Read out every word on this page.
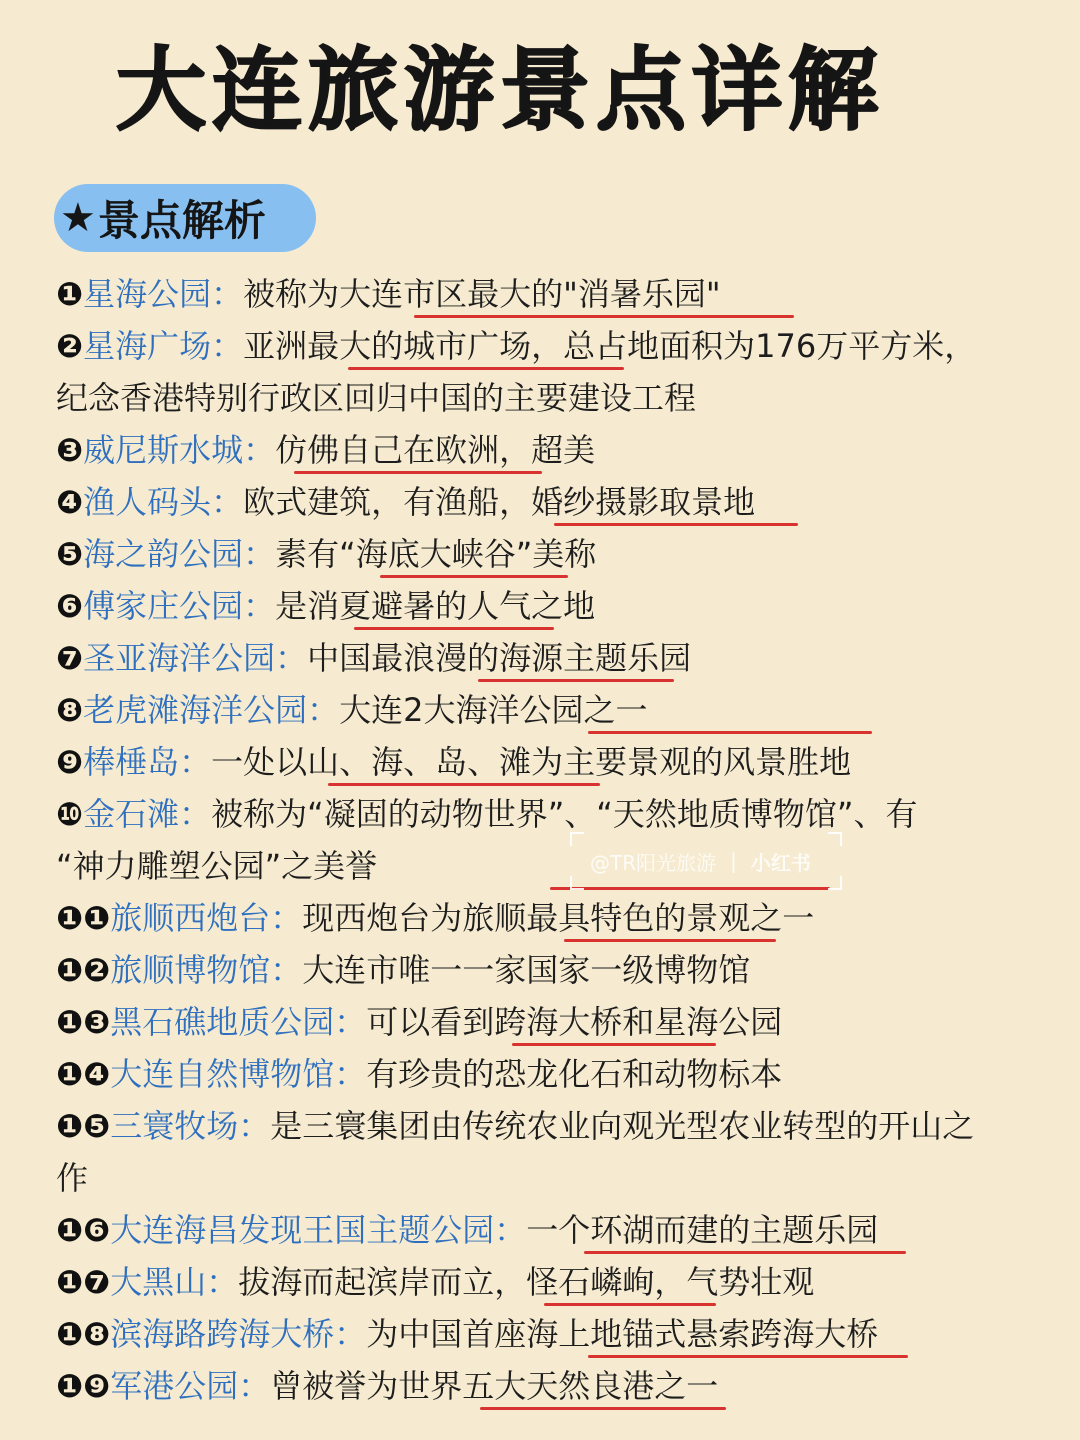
大连旅游景点详解
★ 景点解析
❶星海公园：被称为大连市区最大的"消暑乐园"
❷星海广场：亚洲最大的城市广场，总占地面积为176万平方米，
纪念香港特别行政区回归中国的主要建设工程
❸威尼斯水城：仿佛自己在欧洲，超美
❹渔人码头：欧式建筑，有渔船，婚纱摄影取景地
❺海之韵公园：素有“海底大峡谷”美称
❻傅家庄公园：是消夏避暑的人气之地
❼圣亚海洋公园：中国最浪漫的海源主题乐园
❽老虎滩海洋公园：大连2大海洋公园之一
❾棒棰岛：一处以山、海、岛、滩为主要景观的风景胜地
❿金石滩：被称为“凝固的动物世界”、“天然地质博物馆”、有
“神力雕塑公园”之美誉
❶❶旅顺西炮台：现西炮台为旅顺最具特色的景观之一
❶❷旅顺博物馆：大连市唯一一家国家一级博物馆
❶❸黑石礁地质公园：可以看到跨海大桥和星海公园
❶❹大连自然博物馆：有珍贵的恐龙化石和动物标本
❶❺三寰牧场：是三寰集团由传统农业向观光型农业转型的开山之
作
❶❻大连海昌发现王国主题公园：一个环湖而建的主题乐园
❶❼大黑山：拔海而起滨岸而立，怪石嶙峋，气势壮观
❶❽滨海路跨海大桥：为中国首座海上地锚式悬索跨海大桥
❶❾军港公园：曾被誉为世界五大天然良港之一
@TR阳光旅游 | 小红书
